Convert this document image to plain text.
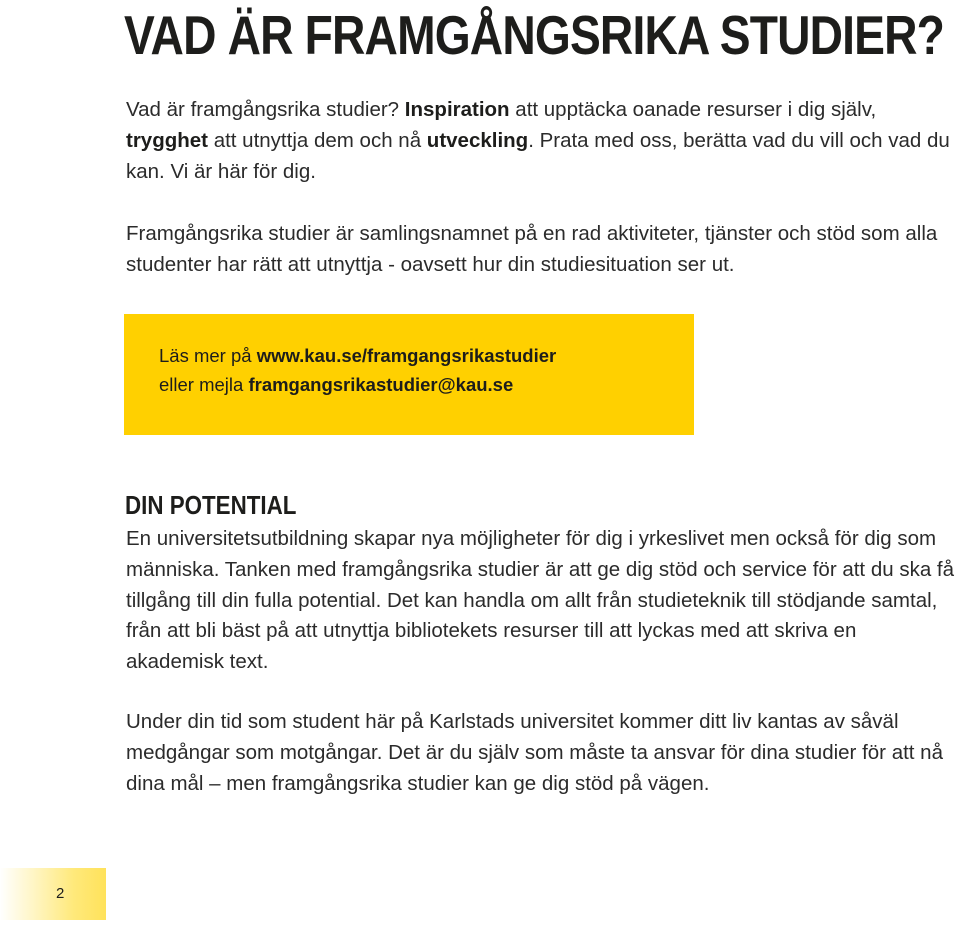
VAD ÄR FRAMGÅNGSRIKA STUDIER?

Vad är framgångsrika studier? Inspiration att upptäcka oanade resurser i dig själv, trygghet att utnyttja dem och nå utveckling. Prata med oss, berätta vad du vill och vad du kan. Vi är här för dig.

Framgångsrika studier är samlingsnamnet på en rad aktiviteter, tjänster och stöd som alla studenter har rätt att utnyttja - oavsett hur din studiesituation ser ut.

Läs mer på www.kau.se/framgangsrikastudier
eller mejla framgangsrikastudier@kau.se
DIN POTENTIAL

En universitetsutbildning skapar nya möjligheter för dig i yrkeslivet men också för dig som människa. Tanken med framgångsrika studier är att ge dig stöd och service för att du ska få tillgång till din fulla potential. Det kan handla om allt från studieteknik till stödjande samtal, från att bli bäst på att utnyttja bibliotekets resurser till att lyckas med att skriva en akademisk text.

Under din tid som student här på Karlstads universitet kommer ditt liv kantas av såväl medgångar som motgångar. Det är du själv som måste ta ansvar för dina studier för att nå dina mål – men framgångsrika studier kan ge dig stöd på vägen.

2
